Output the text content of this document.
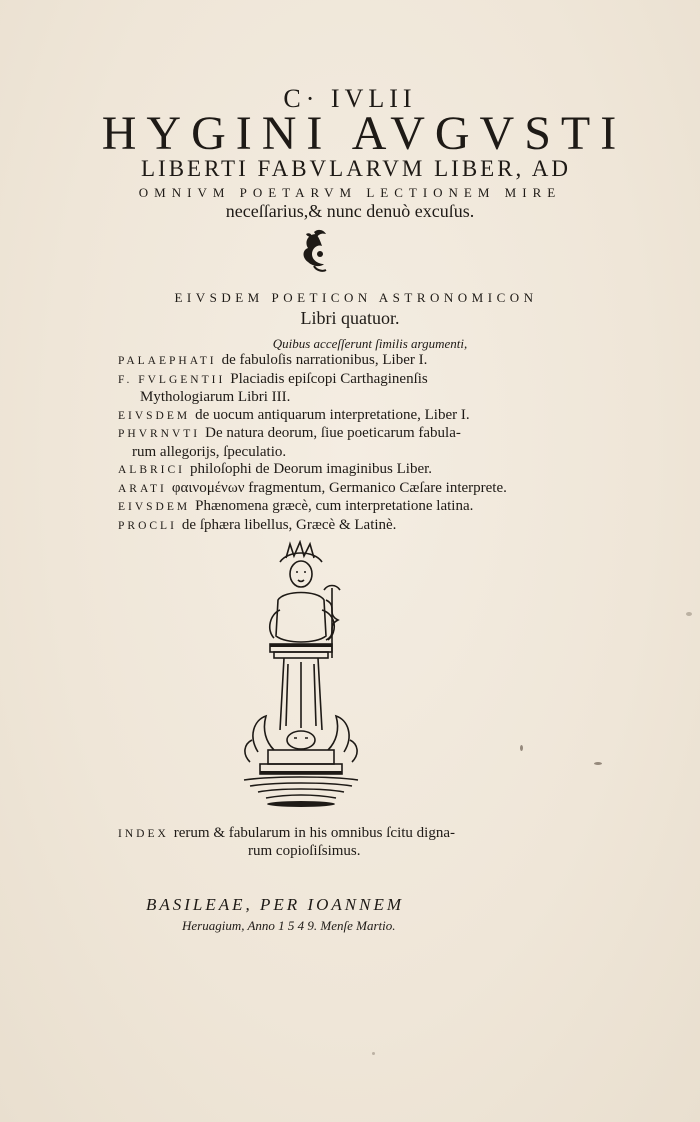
C· IVLII
HYGINI AVGVSTI
LIBERTI FABVLARVM LIBER, AD
OMNIVM POETARVM LECTIONEM MIRE
neceſſarius,& nunc denuò excuſus.
EIVSDEM POETICON ASTRONOMICON
Libri quatuor.
Quibus acceſſerunt ſimilis argumenti,
PALAEPHATI de fabuloſis narrationibus, Liber I.
F. FVLGENTII Placiadis epiſcopi Carthaginenſis
Mythologiarum Libri III.
EIVSDEM de uocum antiquarum interpretatione, Liber I.
PHVRNVTI De natura deorum, ſiue poeticarum fabula-
rum allegorijs, ſpeculatio.
ALBRICI philoſophi de Deorum imaginibus Liber.
ARATI φαινομένων fragmentum, Germanico Cæſare interprete.
EIVSDEM Phænomena græcè, cum interpretatione latina.
PROCLI de ſphæra libellus, Græcè & Latinè.
INDEX rerum & fabularum in his omnibus ſcitu digna-
rum copioſiſsimus.
BASILEAE, PER IOANNEM
Heruagium, Anno 1 5 4 9. Menſe Martio.
